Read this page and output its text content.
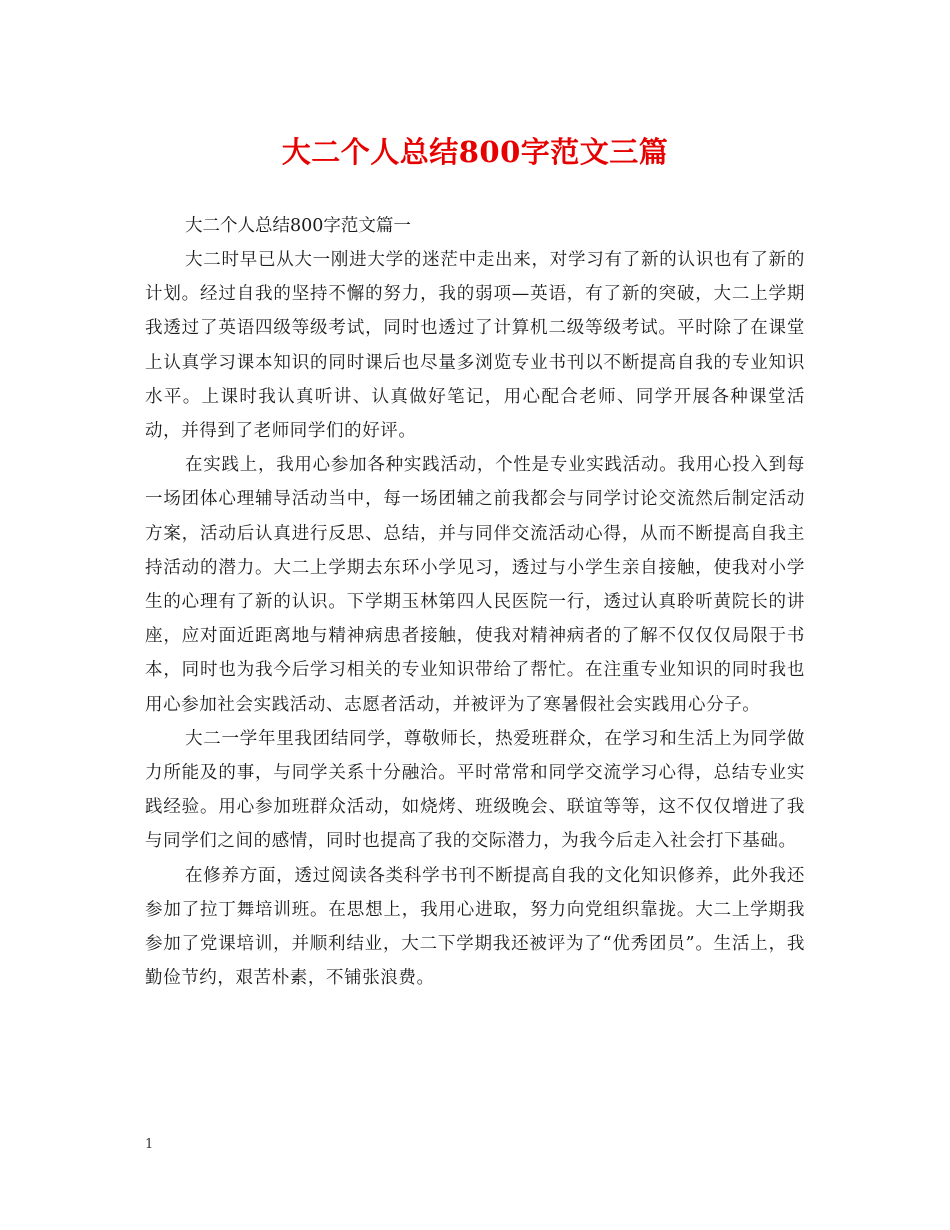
大二个人总结800字范文三篇

大二个人总结800字范文篇一

大二时早已从大一刚进大学的迷茫中走出来，对学习有了新的认识也有了新的计划。经过自我的坚持不懈的努力，我的弱项—英语，有了新的突破，大二上学期我透过了英语四级等级考试，同时也透过了计算机二级等级考试。平时除了在课堂上认真学习课本知识的同时课后也尽量多浏览专业书刊以不断提高自我的专业知识水平。上课时我认真听讲、认真做好笔记，用心配合老师、同学开展各种课堂活动，并得到了老师同学们的好评。

在实践上，我用心参加各种实践活动，个性是专业实践活动。我用心投入到每一场团体心理辅导活动当中，每一场团辅之前我都会与同学讨论交流然后制定活动方案，活动后认真进行反思、总结，并与同伴交流活动心得，从而不断提高自我主持活动的潜力。大二上学期去东环小学见习，透过与小学生亲自接触，使我对小学生的心理有了新的认识。下学期玉林第四人民医院一行，透过认真聆听黄院长的讲座，应对面近距离地与精神病患者接触，使我对精神病者的了解不仅仅仅局限于书本，同时也为我今后学习相关的专业知识带给了帮忙。在注重专业知识的同时我也用心参加社会实践活动、志愿者活动，并被评为了寒暑假社会实践用心分子。

大二一学年里我团结同学，尊敬师长，热爱班群众，在学习和生活上为同学做力所能及的事，与同学关系十分融洽。平时常常和同学交流学习心得，总结专业实践经验。用心参加班群众活动，如烧烤、班级晚会、联谊等等，这不仅仅增进了我与同学们之间的感情，同时也提高了我的交际潜力，为我今后走入社会打下基础。

在修养方面，透过阅读各类科学书刊不断提高自我的文化知识修养，此外我还参加了拉丁舞培训班。在思想上，我用心进取，努力向党组织靠拢。大二上学期我参加了党课培训，并顺利结业，大二下学期我还被评为了“优秀团员”。生活上，我勤俭节约，艰苦朴素，不铺张浪费。

1
